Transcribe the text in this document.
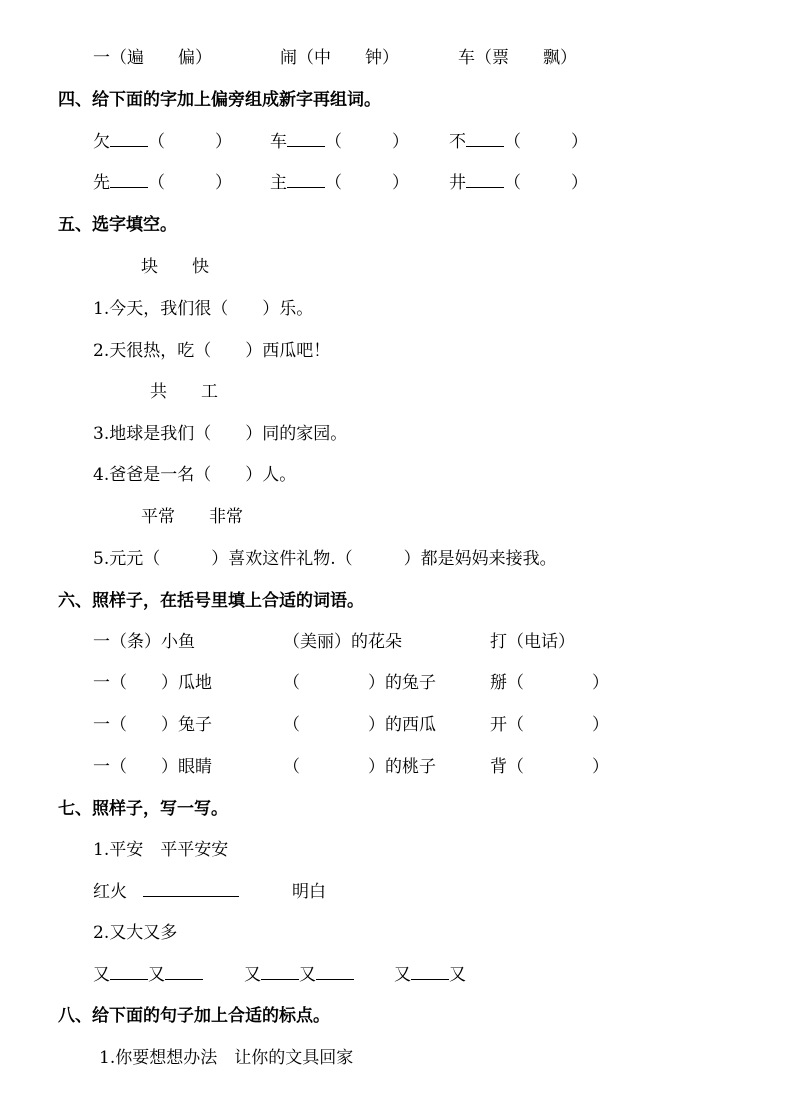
一（遍　　偏）	闹（中　　钟）	车（票　　飘）
四、给下面的字加上偏旁组成新字再组词。
欠 （	） 车 （	） 不 （	）
先 （	） 主 （	） 井 （	）
五、选字填空。
块　　快
1.今天，我们很（　　）乐。
2.天很热，吃（　　）西瓜吧！
共　　工
3.地球是我们（　　）同的家园。
4.爸爸是一名（　　）人。
平常　　非常
5.元元（　　　）喜欢这件礼物.（　　　）都是妈妈来接我。
六、照样子，在括号里填上合适的词语。
一（条）小鱼	（美丽）的花朵	打（电话）
一（　　）瓜地	（　　　　）的兔子	掰（　　　　）
一（　　）兔子	（　　　　）的西瓜	开（　　　　）
一（　　）眼睛	（　　　　）的桃子	背（　　　　）
七、照样子，写一写。
1.平安　平平安安
红火	明白
2.又大又多
又 又	又 又	又 又
八、给下面的句子加上合适的标点。
1.你要想想办法　让你的文具回家
